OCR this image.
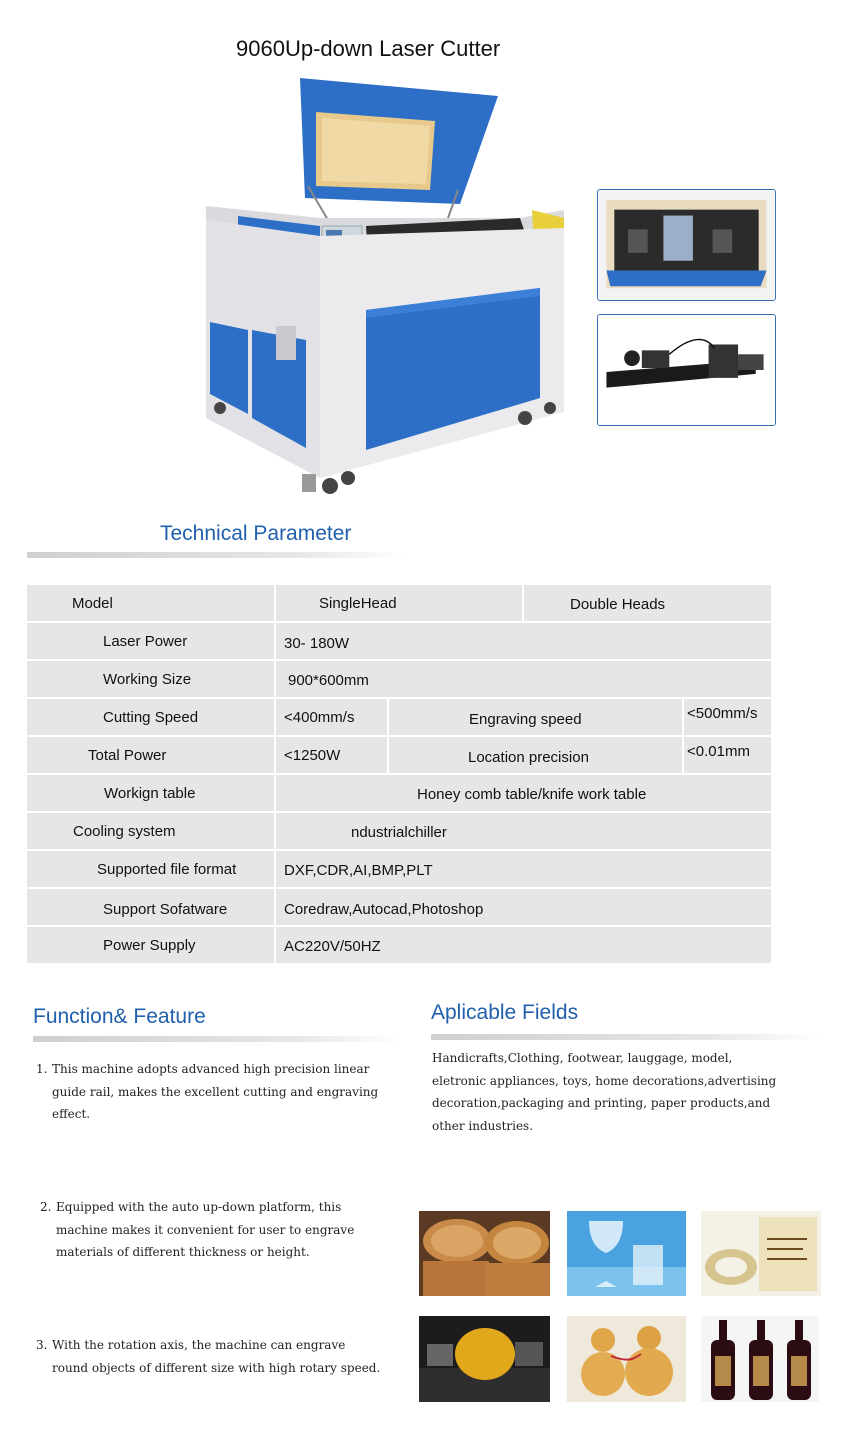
9060Up-down Laser Cutter
Technical Parameter
Model	SingleHead	Double Heads
Laser Power	30- 180W
Working Size	900*600mm
Cutting Speed	<400mm/s	Engraving speed	<500mm/s
Total Power	<1250W	Location precision	<0.01mm
Workign table	Honey comb table/knife work table
Cooling system	ndustrialchiller
Supported file format	DXF,CDR,AI,BMP,PLT
Support Sofatware	Coredraw,Autocad,Photoshop
Power Supply	AC220V/50HZ
Function& Feature
1. This machine adopts advanced high precision linear
guide rail, makes the excellent cutting and engraving
effect.
2. Equipped with the auto up-down platform, this
machine makes it convenient for user to engrave
materials of different thickness or height.
3. With the rotation axis, the machine can engrave
round objects of different size with high rotary speed.
Aplicable Fields
Handicrafts,Clothing, footwear, lauggage, model,
eletronic appliances, toys, home decorations,advertising
decoration,packaging and printing, paper products,and
other industries.
